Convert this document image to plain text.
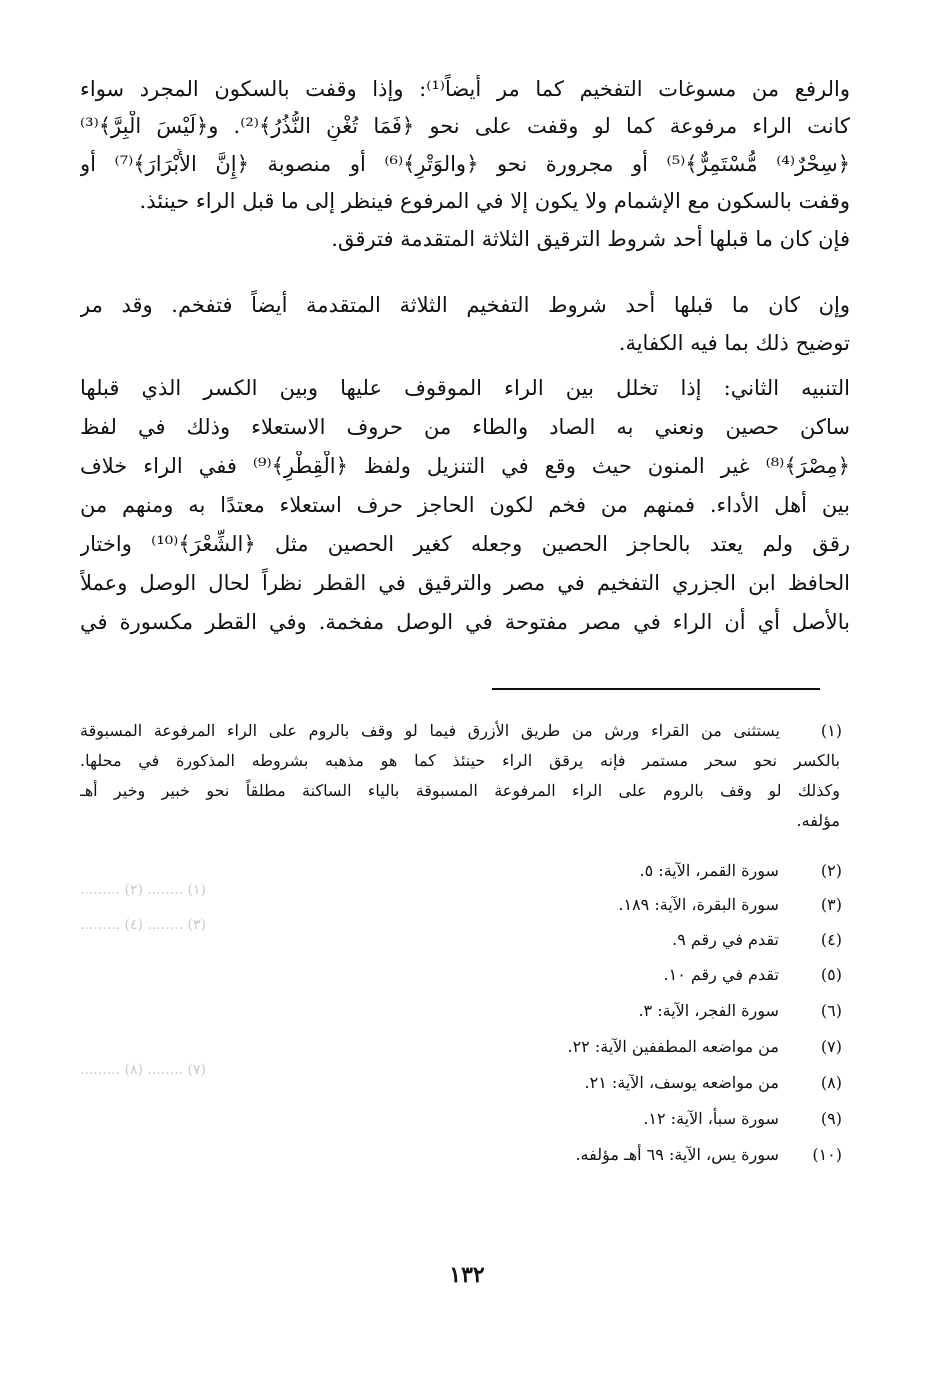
(١) ........ (٢) .........
(٣) ........ (٤) .........
(٧) ........ (٨) .........
والرفع من مسوغات التفخيم كما مر أيضاً⁽¹⁾: وإذا وقفت بالسكون المجرد سواء
كانت الراء مرفوعة كما لو وقفت على نحو ﴿فَمَا تُغْنِ النُّذُرُ﴾⁽²⁾. و﴿لَيْسَ الْبِرَّ﴾⁽³⁾
﴿سِحْرٌ⁽⁴⁾ مُّسْتَمِرٌّ﴾⁽⁵⁾ أو مجرورة نحو ﴿والوَتْرِ﴾⁽⁶⁾ أو منصوبة ﴿إِنَّ الأَبْرَارَ﴾⁽⁷⁾ أو
وقفت بالسكون مع الإشمام ولا يكون إلا في المرفوع فينظر إلى ما قبل الراء حينئذ.
فإن كان ما قبلها أحد شروط الترقيق الثلاثة المتقدمة فترقق.
وإن كان ما قبلها أحد شروط التفخيم الثلاثة المتقدمة أيضاً فتفخم. وقد مر
توضيح ذلك بما فيه الكفاية.
التنبيه الثاني: إذا تخلل بين الراء الموقوف عليها وبين الكسر الذي قبلها
ساكن حصين ونعني به الصاد والطاء من حروف الاستعلاء وذلك في لفظ
﴿مِصْرَ﴾⁽⁸⁾ غير المنون حيث وقع في التنزيل ولفظ ﴿الْقِطْرِ﴾⁽⁹⁾ ففي الراء خلاف
بين أهل الأداء. فمنهم من فخم لكون الحاجز حرف استعلاء معتدًا به ومنهم من
رقق ولم يعتد بالحاجز الحصين وجعله كغير الحصين مثل ﴿الشِّعْرَ﴾⁽¹⁰⁾ واختار
الحافظ ابن الجزري التفخيم في مصر والترقيق في القطر نظراً لحال الوصل وعملاً
بالأصل أي أن الراء في مصر مفتوحة في الوصل مفخمة. وفي القطر مكسورة في
(١)
يستثنى من القراء ورش من طريق الأزرق فيما لو وقف بالروم على الراء المرفوعة المسبوقة
بالكسر نحو سحر مستمر فإنه يرقق الراء حينئذ كما هو مذهبه بشروطه المذكورة في محلها.
وكذلك لو وقف بالروم على الراء المرفوعة المسبوقة بالياء الساكنة مطلقاً نحو خبير وخير أهـ
مؤلفه.
(٢) سورة القمر، الآية: ٥.
(٣) سورة البقرة، الآية: ١٨٩.
(٤) تقدم في رقم ٩.
(٥) تقدم في رقم ١٠.
(٦) سورة الفجر، الآية: ٣.
(٧) من مواضعه المطففين الآية: ٢٢.
(٨) من مواضعه يوسف، الآية: ٢١.
(٩) سورة سبأ، الآية: ١٢.
(١٠) سورة يس، الآية: ٦٩ أهـ مؤلفه.
١٣٢
